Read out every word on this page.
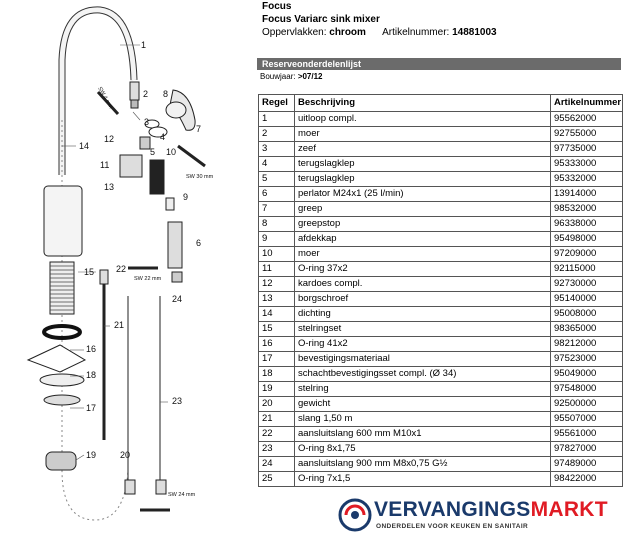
1
2
3
4
5
6
7
8
9
10
11
12
13
14
15
16
17
18
19	20
21
22
23
24
SW 4 mm
SW 30 mm
SW 22 mm
SW 24 mm
Focus
Focus Variarc sink mixer
Oppervlakken: chroom Artikelnummer: 14881003
Reserveonderdelenlijst
Bouwjaar: >07/12
Regel	Beschrijving	Artikelnummer
1	uitloop compl.	95562000
2	moer	92755000
3	zeef	97735000
4	terugslagklep	95333000
5	terugslagklep	95332000
6	perlator M24x1 (25 l/min)	13914000
7	greep	98532000
8	greepstop	96338000
9	afdekkap	95498000
10	moer	97209000
11	O-ring 37x2	92115000
12	kardoes compl.	92730000
13	borgschroef	95140000
14	dichting	95008000
15	stelringset	98365000
16	O-ring 41x2	98212000
17	bevestigingsmateriaal	97523000
18	schachtbevestigingsset compl. (Ø 34)	95049000
19	stelring	97548000
20	gewicht	92500000
21	slang 1,50 m	95507000
22	aansluitslang 600 mm M10x1	95561000
23	O-ring 8x1,75	97827000
24	aansluitslang 900 mm M8x0,75 G½	97489000
25	O-ring 7x1,5	98422000
VERVANGINGSMARKT
ONDERDELEN VOOR KEUKEN EN SANITAIR
